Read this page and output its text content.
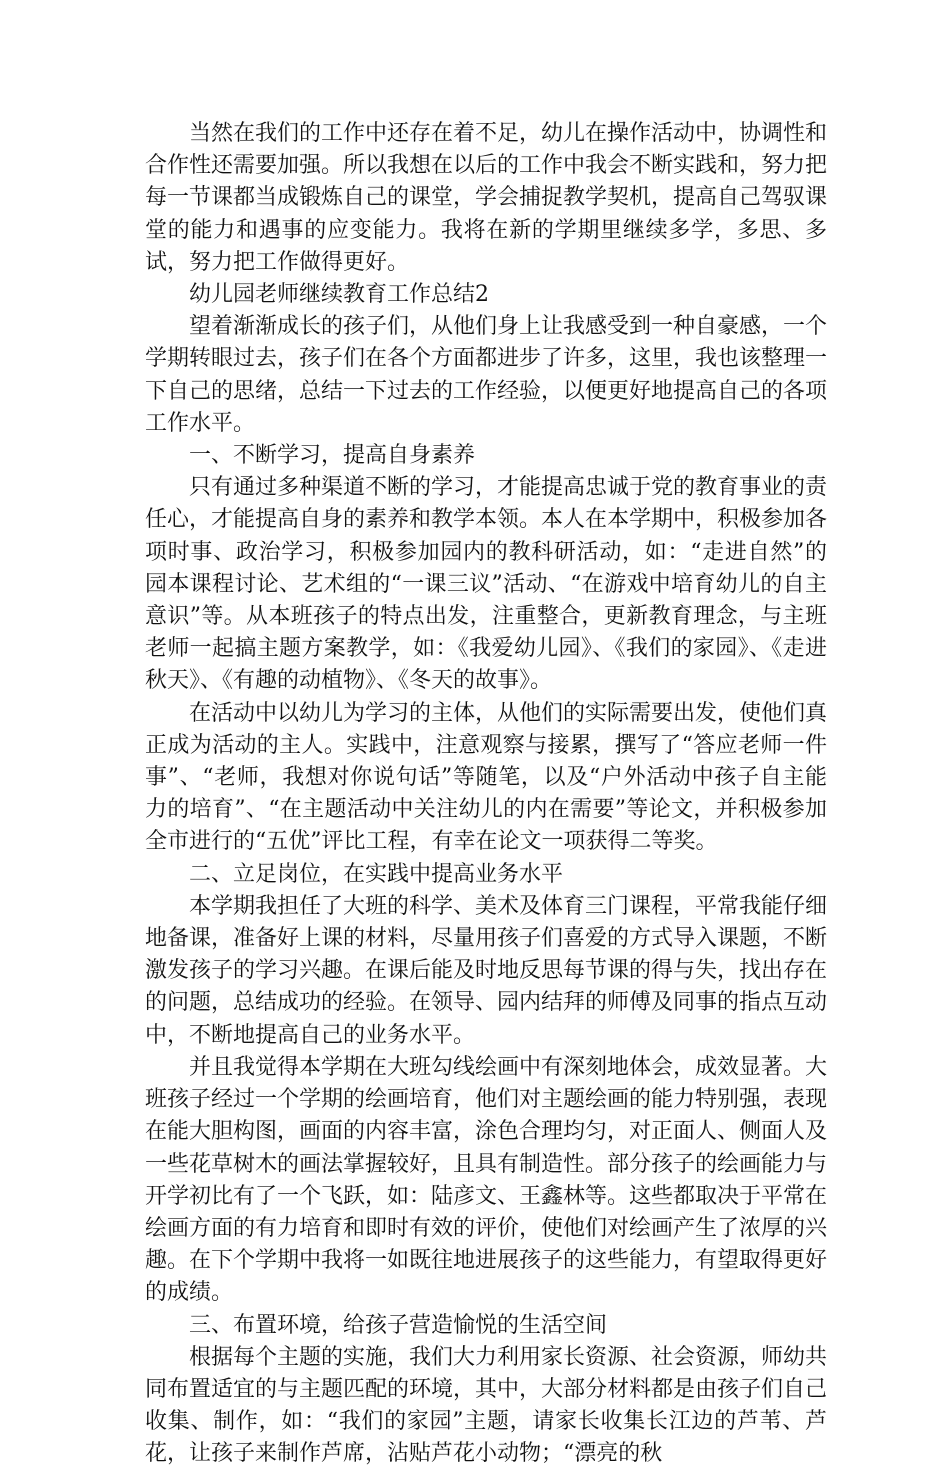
当然在我们的工作中还存在着不足，幼儿在操作活动中，协调性和合作性还需要加强。所以我想在以后的工作中我会不断实践和，努力把每一节课都当成锻炼自己的课堂，学会捕捉教学契机，提高自己驾驭课堂的能力和遇事的应变能力。我将在新的学期里继续多学，多思、多试，努力把工作做得更好。

幼儿园老师继续教育工作总结2

望着渐渐成长的孩子们，从他们身上让我感受到一种自豪感，一个学期转眼过去，孩子们在各个方面都进步了许多，这里，我也该整理一下自己的思绪，总结一下过去的工作经验，以便更好地提高自己的各项工作水平。

一、不断学习，提高自身素养

只有通过多种渠道不断的学习，才能提高忠诚于党的教育事业的责任心，才能提高自身的素养和教学本领。本人在本学期中，积极参加各项时事、政治学习，积极参加园内的教科研活动，如：“走进自然”的园本课程讨论、艺术组的“一课三议”活动、“在游戏中培育幼儿的自主意识”等。从本班孩子的特点出发，注重整合，更新教育理念，与主班老师一起搞主题方案教学，如：《我爱幼儿园》、《我们的家园》、《走进秋天》、《有趣的动植物》、《冬天的故事》。

在活动中以幼儿为学习的主体，从他们的实际需要出发，使他们真正成为活动的主人。实践中，注意观察与接累，撰写了“答应老师一件事”、“老师，我想对你说句话”等随笔，以及“户外活动中孩子自主能力的培育”、“在主题活动中关注幼儿的内在需要”等论文，并积极参加全市进行的“五优”评比工程，有幸在论文一项获得二等奖。

二、立足岗位，在实践中提高业务水平

本学期我担任了大班的科学、美术及体育三门课程，平常我能仔细地备课，准备好上课的材料，尽量用孩子们喜爱的方式导入课题，不断激发孩子的学习兴趣。在课后能及时地反思每节课的得与失，找出存在的问题，总结成功的经验。在领导、园内结拜的师傅及同事的指点互动中，不断地提高自己的业务水平。

并且我觉得本学期在大班勾线绘画中有深刻地体会，成效显著。大班孩子经过一个学期的绘画培育，他们对主题绘画的能力特别强，表现在能大胆构图，画面的内容丰富，涂色合理均匀，对正面人、侧面人及一些花草树木的画法掌握较好，且具有制造性。部分孩子的绘画能力与开学初比有了一个飞跃，如：陆彦文、王鑫林等。这些都取决于平常在绘画方面的有力培育和即时有效的评价，使他们对绘画产生了浓厚的兴趣。在下个学期中我将一如既往地进展孩子的这些能力，有望取得更好的成绩。

三、布置环境，给孩子营造愉悦的生活空间

根据每个主题的实施，我们大力利用家长资源、社会资源，师幼共同布置适宜的与主题匹配的环境，其中，大部分材料都是由孩子们自己收集、制作，如：“我们的家园”主题，请家长收集长江边的芦苇、芦花，让孩子来制作芦席，沾贴芦花小动物；“漂亮的秋
